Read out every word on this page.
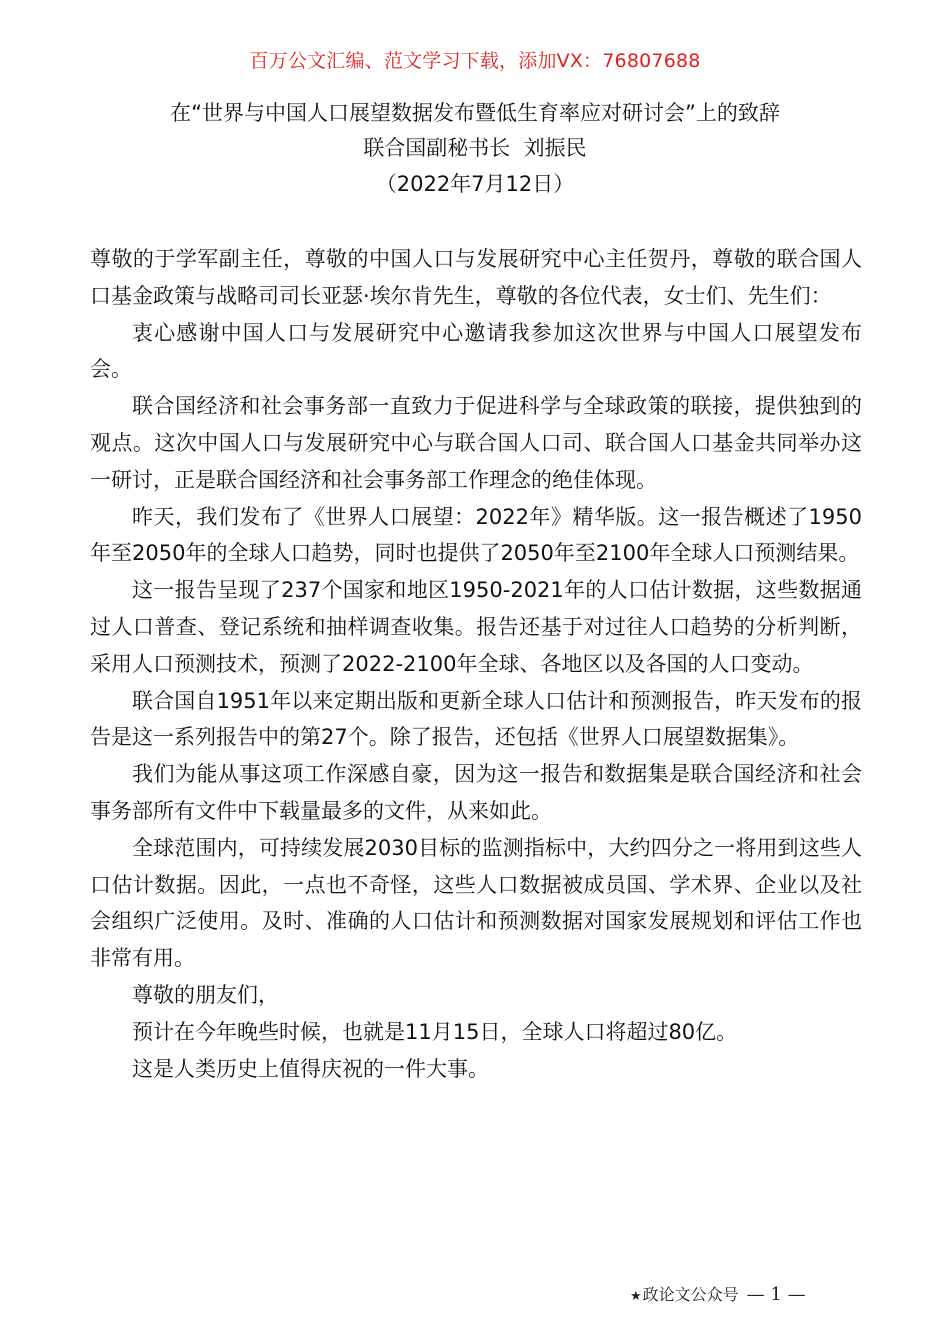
百万公文汇编、范文学习下载，添加VX：76807688
在“世界与中国人口展望数据发布暨低生育率应对研讨会”上的致辞
联合国副秘书长  刘振民
（2022年7月12日）

尊敬的于学军副主任，尊敬的中国人口与发展研究中心主任贺丹，尊敬的联合国人口基金政策与战略司司长亚瑟·埃尔肯先生，尊敬的各位代表，女士们、先生们：

衷心感谢中国人口与发展研究中心邀请我参加这次世界与中国人口展望发布会。

联合国经济和社会事务部一直致力于促进科学与全球政策的联接，提供独到的观点。这次中国人口与发展研究中心与联合国人口司、联合国人口基金共同举办这一研讨，正是联合国经济和社会事务部工作理念的绝佳体现。

昨天，我们发布了《世界人口展望：2022年》精华版。这一报告概述了1950年至2050年的全球人口趋势，同时也提供了2050年至2100年全球人口预测结果。

这一报告呈现了237个国家和地区1950-2021年的人口估计数据，这些数据通过人口普查、登记系统和抽样调查收集。报告还基于对过往人口趋势的分析判断，采用人口预测技术，预测了2022-2100年全球、各地区以及各国的人口变动。

联合国自1951年以来定期出版和更新全球人口估计和预测报告，昨天发布的报告是这一系列报告中的第27个。除了报告，还包括《世界人口展望数据集》。

我们为能从事这项工作深感自豪，因为这一报告和数据集是联合国经济和社会事务部所有文件中下载量最多的文件，从来如此。

全球范围内，可持续发展2030目标的监测指标中，大约四分之一将用到这些人口估计数据。因此，一点也不奇怪，这些人口数据被成员国、学术界、企业以及社会组织广泛使用。及时、准确的人口估计和预测数据对国家发展规划和评估工作也非常有用。

尊敬的朋友们，

预计在今年晚些时候，也就是11月15日，全球人口将超过80亿。

这是人类历史上值得庆祝的一件大事。

★政论文公众号 — 1 —
